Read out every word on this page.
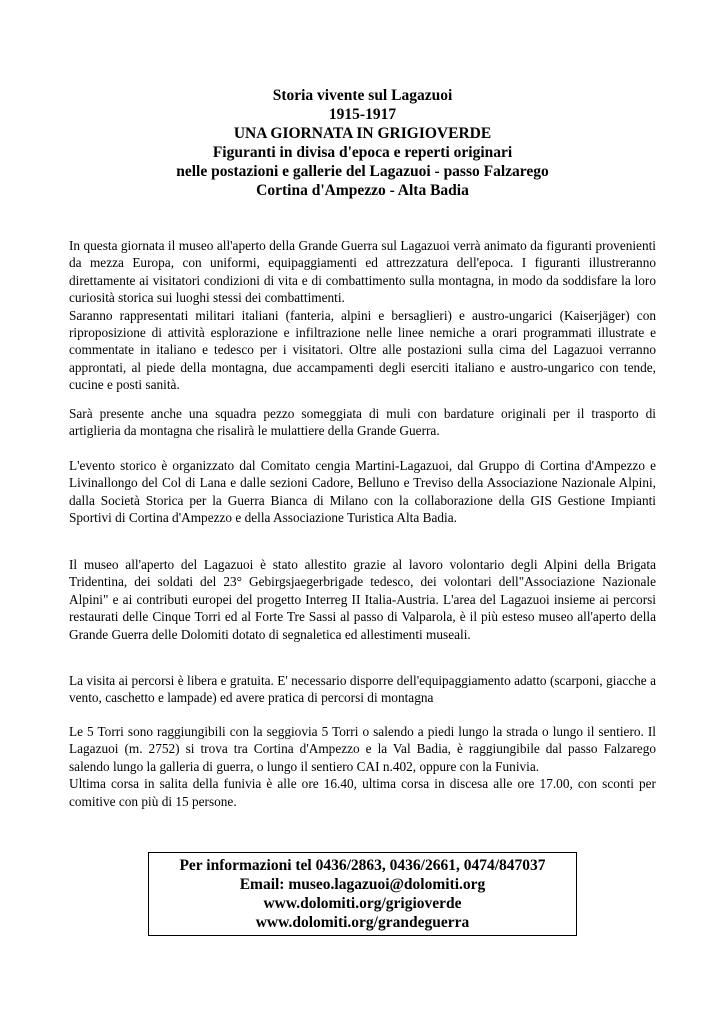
Storia vivente sul Lagazuoi
1915-1917
UNA GIORNATA IN GRIGIOVERDE
Figuranti in divisa d'epoca e reperti originari
nelle postazioni e gallerie del Lagazuoi - passo Falzarego
Cortina d'Ampezzo - Alta Badia

In questa giornata il museo all'aperto della Grande Guerra sul Lagazuoi verrà animato da figuranti provenienti da mezza Europa, con uniformi, equipaggiamenti ed attrezzatura dell'epoca. I figuranti illustreranno direttamente ai visitatori condizioni di vita e di combattimento sulla montagna, in modo da soddisfare la loro curiosità storica sui luoghi stessi dei combattimenti.

Saranno rappresentati militari italiani (fanteria, alpini e bersaglieri) e austro-ungarici (Kaiserjäger) con riproposizione di attività esplorazione e infiltrazione nelle linee nemiche a orari programmati illustrate e commentate in italiano e tedesco per i visitatori. Oltre alle postazioni sulla cima del Lagazuoi verranno approntati, al piede della montagna, due accampamenti degli eserciti italiano e austro-ungarico con tende, cucine e posti sanità.

Sarà presente anche una squadra pezzo someggiata di muli con bardature originali per il trasporto di artiglieria da montagna che risalirà le mulattiere della Grande Guerra.

L'evento storico è organizzato dal Comitato cengia Martini-Lagazuoi, dal Gruppo di Cortina d'Ampezzo e Livinallongo del Col di Lana e dalle sezioni Cadore, Belluno e Treviso della Associazione Nazionale Alpini, dalla Società Storica per la Guerra Bianca di Milano con la collaborazione della GIS Gestione Impianti Sportivi di Cortina d'Ampezzo e della Associazione Turistica Alta Badia.

Il museo all'aperto del Lagazuoi è stato allestito grazie al lavoro volontario degli Alpini della Brigata Tridentina, dei soldati del 23° Gebirgsjaegerbrigade tedesco, dei volontari dell"Associazione Nazionale Alpini" e ai contributi europei del progetto Interreg II Italia-Austria. L'area del Lagazuoi insieme ai percorsi restaurati delle Cinque Torri ed al Forte Tre Sassi al passo di Valparola, è il più esteso museo all'aperto della Grande Guerra delle Dolomiti dotato di segnaletica ed allestimenti museali.

La visita ai percorsi è libera e gratuita. E' necessario disporre dell'equipaggiamento adatto (scarponi, giacche a vento, caschetto e lampade) ed avere pratica di percorsi di montagna

Le 5 Torri sono raggiungibili con la seggiovia 5 Torri o salendo a piedi lungo la strada o lungo il sentiero. Il Lagazuoi (m. 2752) si trova tra Cortina d'Ampezzo e la Val Badia, è raggiungibile dal passo Falzarego salendo lungo la galleria di guerra, o lungo il sentiero CAI n.402, oppure con la Funivia.

Ultima corsa in salita della funivia è alle ore 16.40, ultima corsa in discesa alle ore 17.00, con sconti per comitive con più di 15 persone.

Per informazioni tel 0436/2863, 0436/2661, 0474/847037
Email: museo.lagazuoi@dolomiti.org
www.dolomiti.org/grigioverde
www.dolomiti.org/grandeguerra
